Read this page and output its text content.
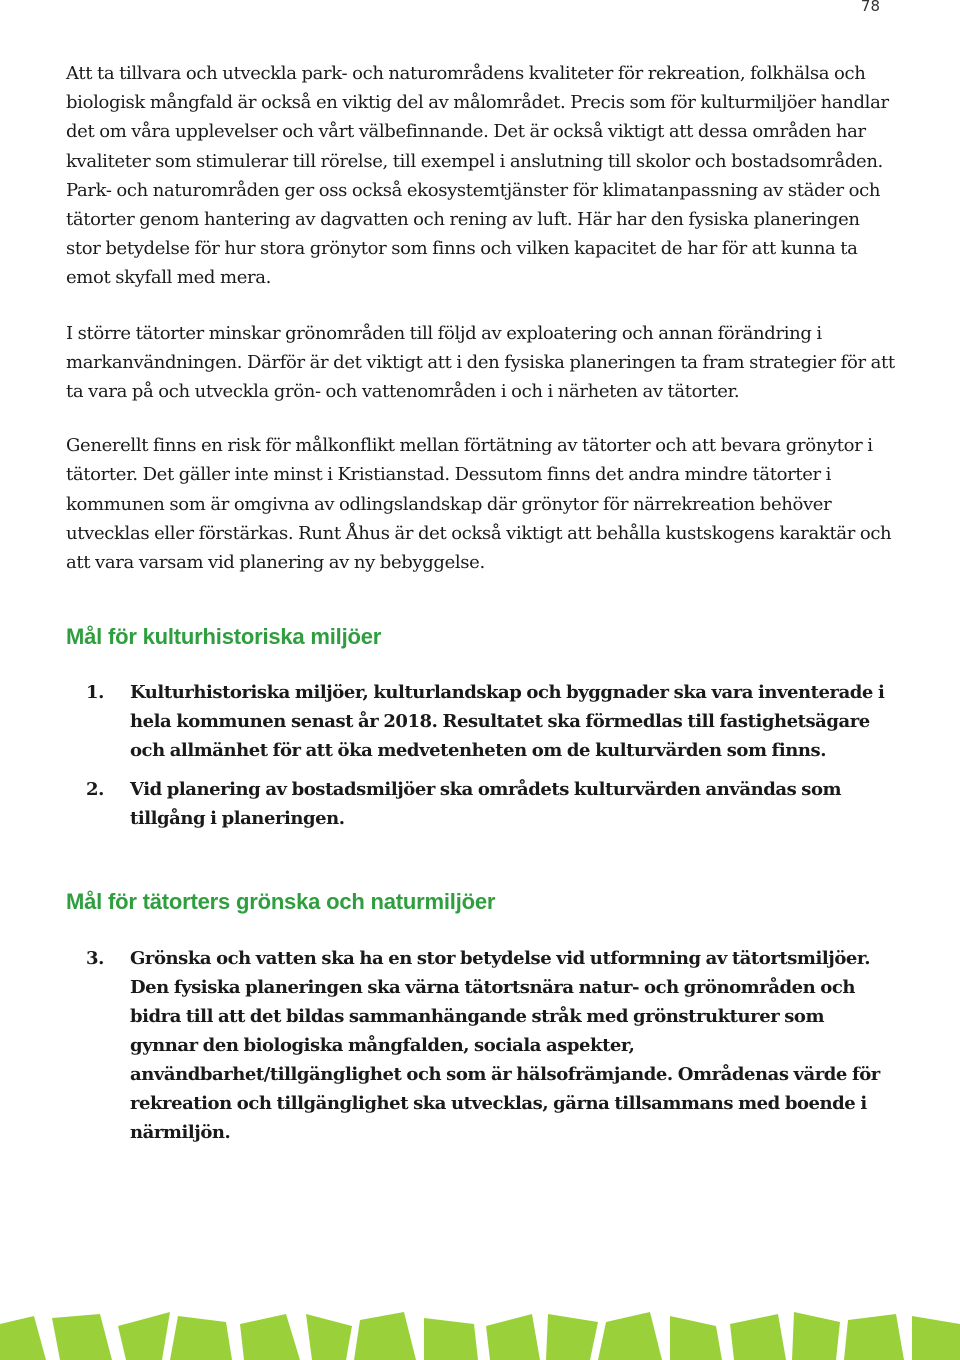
78

Att ta tillvara och utveckla park- och naturområdens kvaliteter för rekreation, folkhälsa och biologisk mångfald är också en viktig del av målområdet. Precis som för kulturmiljöer handlar det om våra upplevelser och vårt välbefinnande. Det är också viktigt att dessa områden har kvaliteter som stimulerar till rörelse, till exempel i anslutning till skolor och bostadsområden. Park- och naturområden ger oss också ekosystemtjänster för klimatanpassning av städer och tätorter genom hantering av dagvatten och rening av luft. Här har den fysiska planeringen stor betydelse för hur stora grönytor som finns och vilken kapacitet de har för att kunna ta emot skyfall med mera.

I större tätorter minskar grönområden till följd av exploatering och annan förändring i markanvändningen. Därför är det viktigt att i den fysiska planeringen ta fram strategier för att ta vara på och utveckla grön- och vattenområden i och i närheten av tätorter.

Generellt finns en risk för målkonflikt mellan förtätning av tätorter och att bevara grönytor i tätorter. Det gäller inte minst i Kristianstad. Dessutom finns det andra mindre tätorter i kommunen som är omgivna av odlingslandskap där grönytor för närrekreation behöver utvecklas eller förstärkas. Runt Åhus är det också viktigt att behålla kustskogens karaktär och att vara varsam vid planering av ny bebyggelse.

Mål för kulturhistoriska miljöer
1. Kulturhistoriska miljöer, kulturlandskap och byggnader ska vara inventerade i hela kommunen senast år 2018. Resultatet ska förmedlas till fastighetsägare och allmänhet för att öka medvetenheten om de kulturvärden som finns.
2. Vid planering av bostadsmiljöer ska områdets kulturvärden användas som tillgång i planeringen.
Mål för tätorters grönska och naturmiljöer
3. Grönska och vatten ska ha en stor betydelse vid utformning av tätortsmiljöer. Den fysiska planeringen ska värna tätortsnära natur- och grönområden och bidra till att det bildas sammanhängande stråk med grönstrukturer som gynnar den biologiska mångfalden, sociala aspekter, användbarhet/tillgänglighet och som är hälsofrämjande. Områdenas värde för rekreation och tillgänglighet ska utvecklas, gärna tillsammans med boende i närmiljön.
